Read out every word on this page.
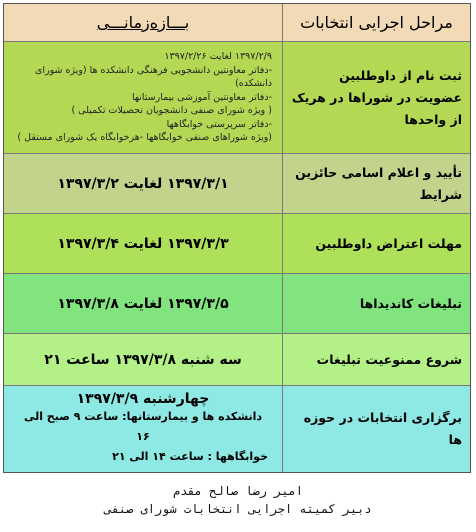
مراحل اجرایی انتخابات
بـــازه‌زمانـــی
ثبت نام از داوطلبین عضویت در شوراها در هریک از واحدها
۱۳۹۷/۲/۹ لغایت ۱۳۹۷/۲/۲۶
-دفاتر معاونتین دانشجویی فرهنگی دانشکده ها (ویژه شورای دانشکده)
-دفاتر معاونتین آموزشی بیمارستانها
( ویژه شورای صنفی دانشجویان تحصیلات تکمیلی )
-دفاتر سرپرستی خوابگاهها
(ویژه شوراهای صنفی خوابگاهها -هرخوابگاه یک شورای مستقل )
تأیید و اعلام اسامی حائزین شرایط
۱۳۹۷/۳/۱ لغایت ۱۳۹۷/۳/۲
مهلت اعتراض داوطلبین
۱۳۹۷/۳/۳ لغایت ۱۳۹۷/۳/۴
تبلیغات کاندیداها
۱۳۹۷/۳/۵ لغایت ۱۳۹۷/۳/۸
شروع ممنوعیت تبلیغات
سه شنبه ۱۳۹۷/۳/۸ ساعت ۲۱
برگزاری انتخابات در حوزه ها
چهارشنبه ۱۳۹۷/۳/۹
دانشکده ها و بیمارستانها: ساعت ۹ صبح الی ۱۶
خوابگاهها : ساعت ۱۴ الی ۲۱
امیر رضا صالح مقدم
دبیر کمیته اجرایی انتخابات شورای صنفی
